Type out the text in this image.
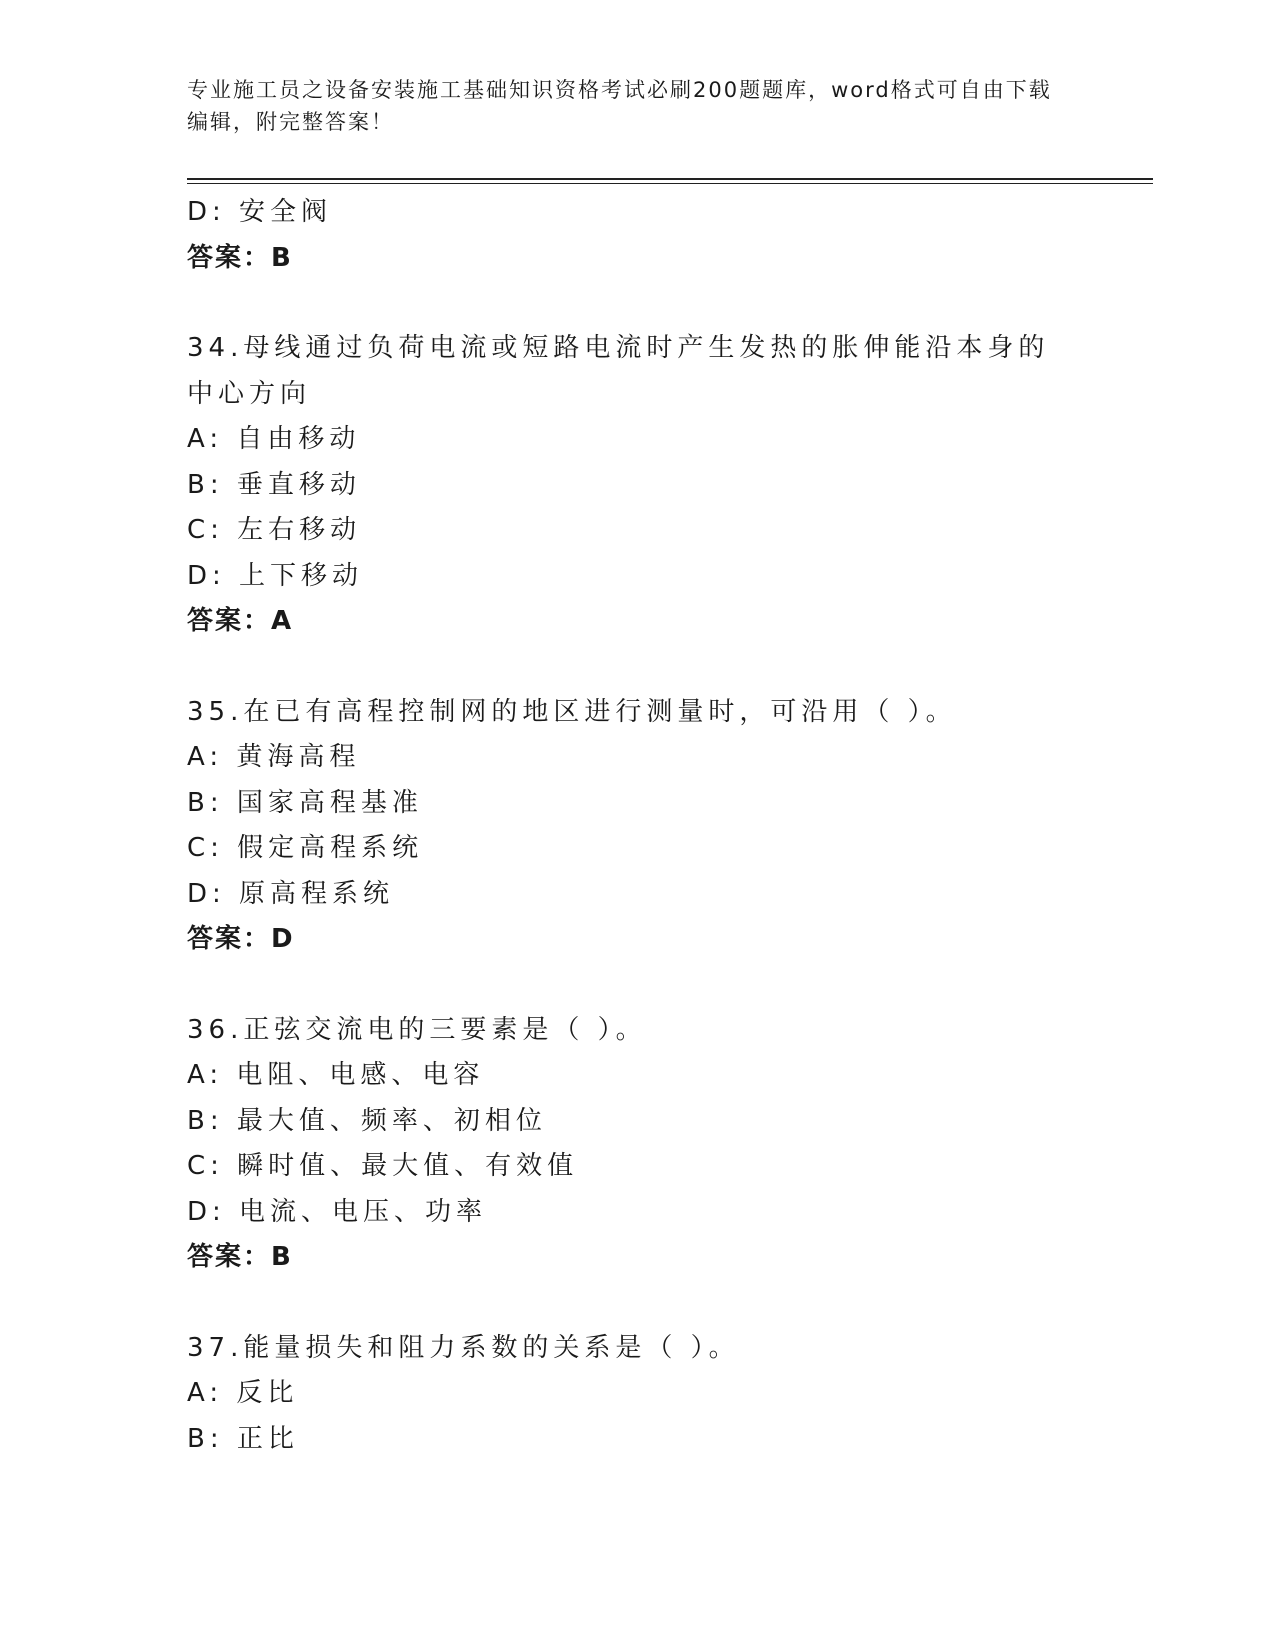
专业施工员之设备安装施工基础知识资格考试必刷200题题库，word格式可自由下载编辑，附完整答案！
D: 安全阀
答案：B
34.母线通过负荷电流或短路电流时产生发热的胀伸能沿本身的中心方向
A: 自由移动
B: 垂直移动
C: 左右移动
D: 上下移动
答案：A
35.在已有高程控制网的地区进行测量时，可沿用（ ）。
A: 黄海高程
B: 国家高程基准
C: 假定高程系统
D: 原高程系统
答案：D
36.正弦交流电的三要素是（ ）。
A: 电阻、电感、电容
B: 最大值、频率、初相位
C: 瞬时值、最大值、有效值
D: 电流、电压、功率
答案：B
37.能量损失和阻力系数的关系是（ ）。
A: 反比
B: 正比
